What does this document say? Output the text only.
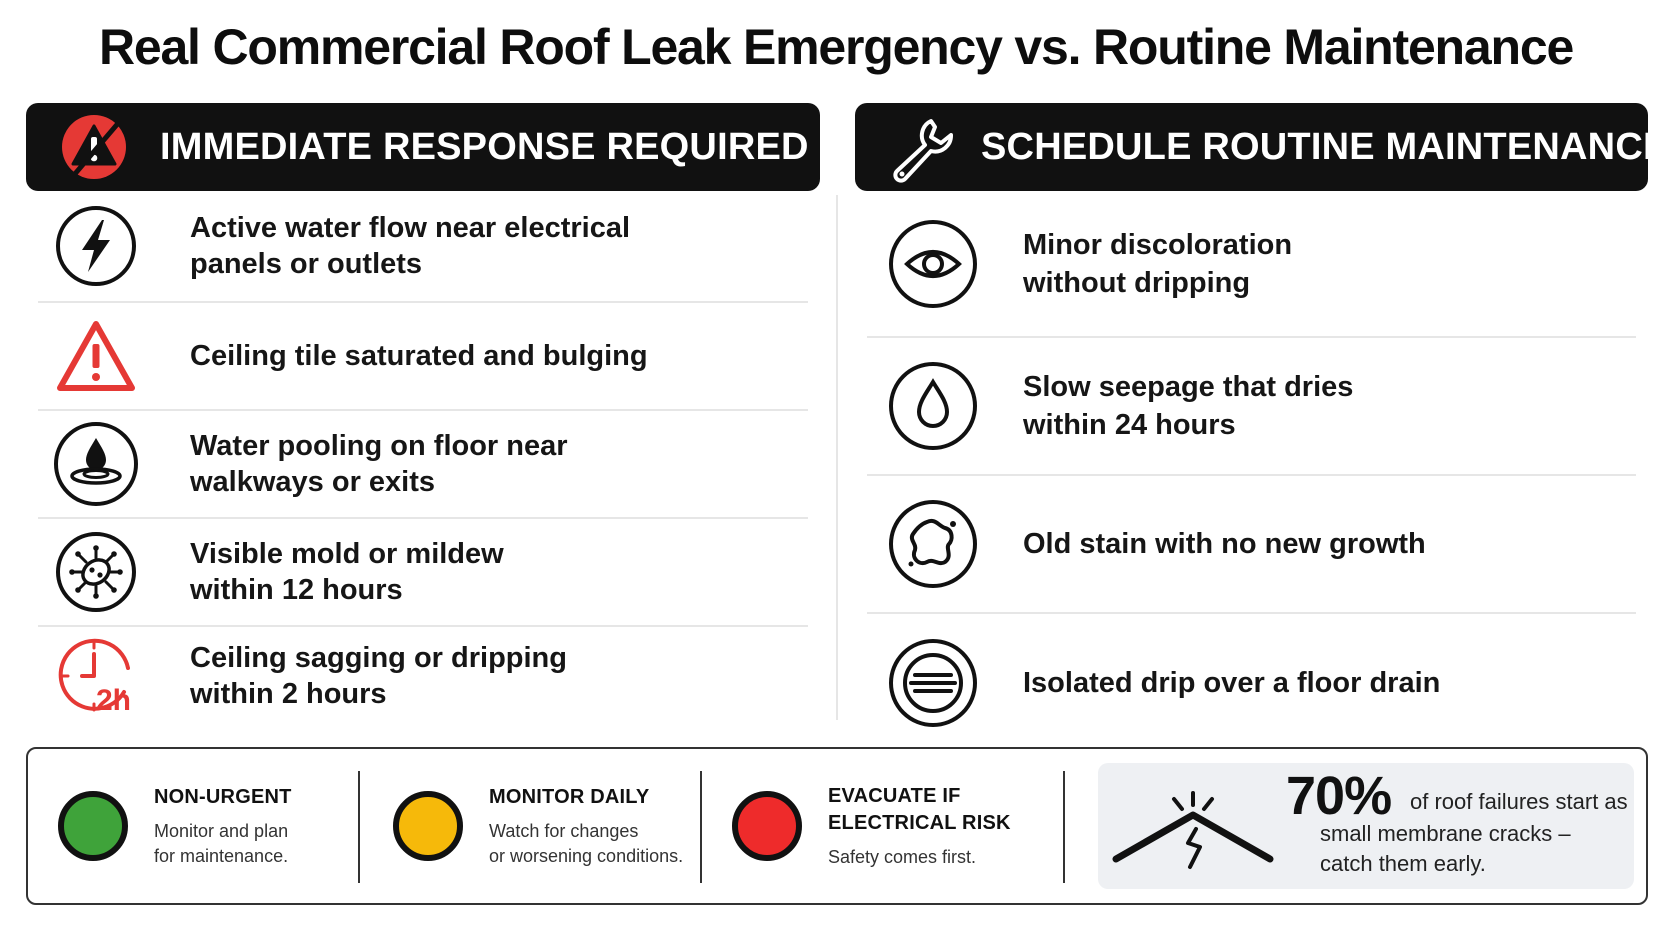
Real Commercial Roof Leak Emergency vs. Routine Maintenance
IMMEDIATE RESPONSE REQUIRED
Active water flow near electrical
panels or outlets
Ceiling tile saturated and bulging
Water pooling on floor near
walkways or exits
Visible mold or mildew
within 12 hours
2h
Ceiling sagging or dripping
within 2 hours
SCHEDULE ROUTINE MAINTENANCE
Minor discoloration
without dripping
Slow seepage that dries
within 24 hours
Old stain with no new growth
Isolated drip over a floor drain
NON-URGENT
Monitor and plan
for maintenance.
MONITOR DAILY
Watch for changes
or worsening conditions.
EVACUATE IF
ELECTRICAL RISK
Safety comes first.
70% of roof failures start as
small membrane cracks –
catch them early.
